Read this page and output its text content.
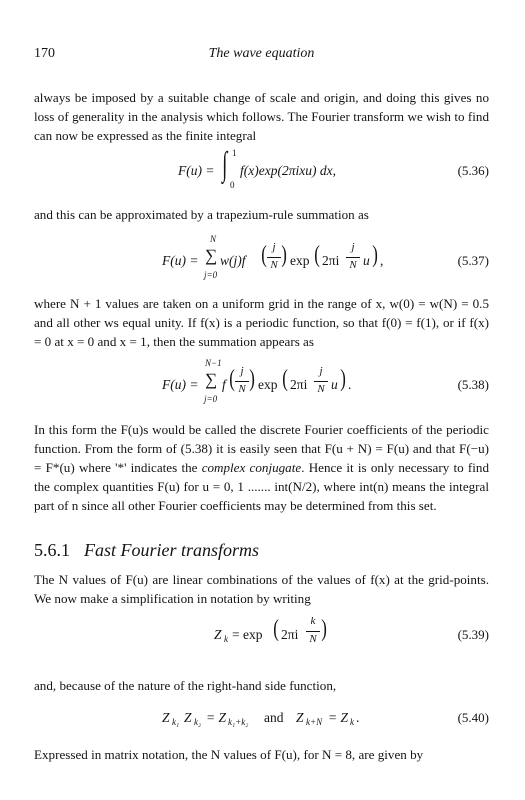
170	The wave equation

always be imposed by a suitable change of scale and origin, and doing this gives no loss of generality in the analysis which follows. The Fourier transform we wish to find can now be expressed as the finite integral

F(u) = ∫ 1
0
f(x)exp(2πixu) dx,	(5.36)

and this can be approximated by a trapezium-rule summation as

F(u) =
N
∑
j=0
w(j)f ( j
N ) exp ( 2πi
j
N u ) ,	(5.37)

where N + 1 values are taken on a uniform grid in the range of x, w(0) = w(N) = 0.5 and all other ws equal unity. If f(x) is a periodic function, so that f(0) = f(1), or if f(x) = 0 at x = 0 and x = 1, then the summation appears as

F(u) =
N−1
∑
j=0
f ( j
N ) exp ( 2πi
j
N u ) .	(5.38)

In this form the F(u)s would be called the discrete Fourier coefficients of the periodic function. From the form of (5.38) it is easily seen that F(u + N) = F(u) and that F(−u) = F*(u) where '*' indicates the complex conjugate. Hence it is only necessary to find the complex quantities F(u) for u = 0, 1 ....... int(N/2), where int(n) means the integral part of n since all other Fourier coefficients may be determined from this set.

5.6.1 Fast Fourier transforms

The N values of F(u) are linear combinations of the values of f(x) at the grid-points. We now make a simplification in notation by writing

Z k = exp ( 2πi
k
N )	(5.39)

and, because of the nature of the right-hand side function,

Z k₁ Z k₂ = Z k₁+k₂ and Z k+N = Z k .	(5.40)

Expressed in matrix notation, the N values of F(u), for N = 8, are given by
